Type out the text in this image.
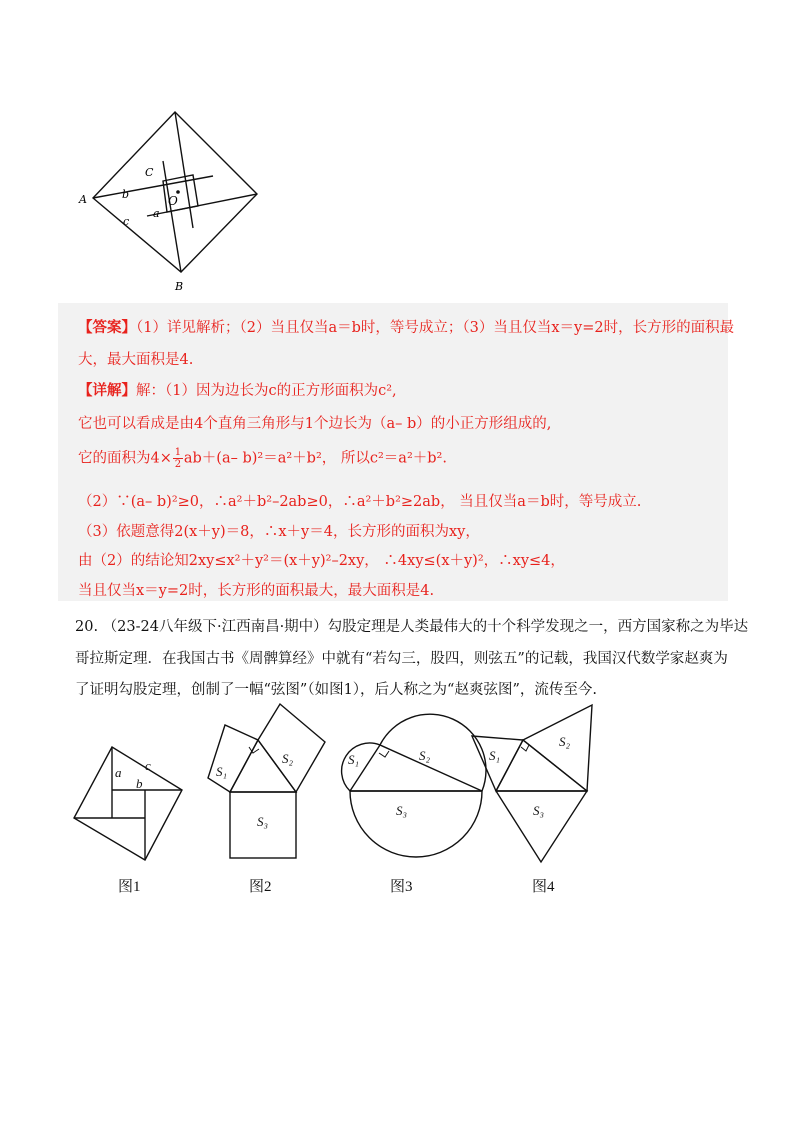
A
B
C
O
a
b
c
【答案】（1）详见解析；（2）当且仅当a＝b时，等号成立；（3）当且仅当x＝y=2时，长方形的面积最
大，最大面积是4.
【详解】解：（1）因为边长为c的正方形面积为c²,
它也可以看成是由4个直角三角形与1个边长为（a– b）的小正方形组成的,
它的面积为$4\times \frac{1}{2} ab+(a-$ b)²＝a²＋b²， 所以c²＝a²＋b².
（2）∵(a– b)²≥0，∴a²＋b²–2ab≥0，∴a²＋b²≥2ab， 当且仅当a＝b时，等号成立.
（3）依题意得2(x＋y)＝8，∴x＋y＝4，长方形的面积为xy，
由（2）的结论知2xy≤x²＋y²＝(x＋y)²–2xy， ∴4xy≤(x＋y)²，∴xy≤4，
当且仅当x＝y=2时，长方形的面积最大，最大面积是4.
20. （23-24八年级下·江西南昌·期中）勾股定理是人类最伟大的十个科学发现之一，西方国家称之为毕达
哥拉斯定理．在我国古书《周髀算经》中就有“若勾三，股四，则弦五”的记载，我国汉代数学家赵爽为
了证明勾股定理，创制了一幅“弦图”（如图1），后人称之为“赵爽弦图”，流传至今.
a
b
c	S₁
S₂
S₃
S₁	S₂
S₃
S₁
S₂
S₃
图1	图2	图3	图4
